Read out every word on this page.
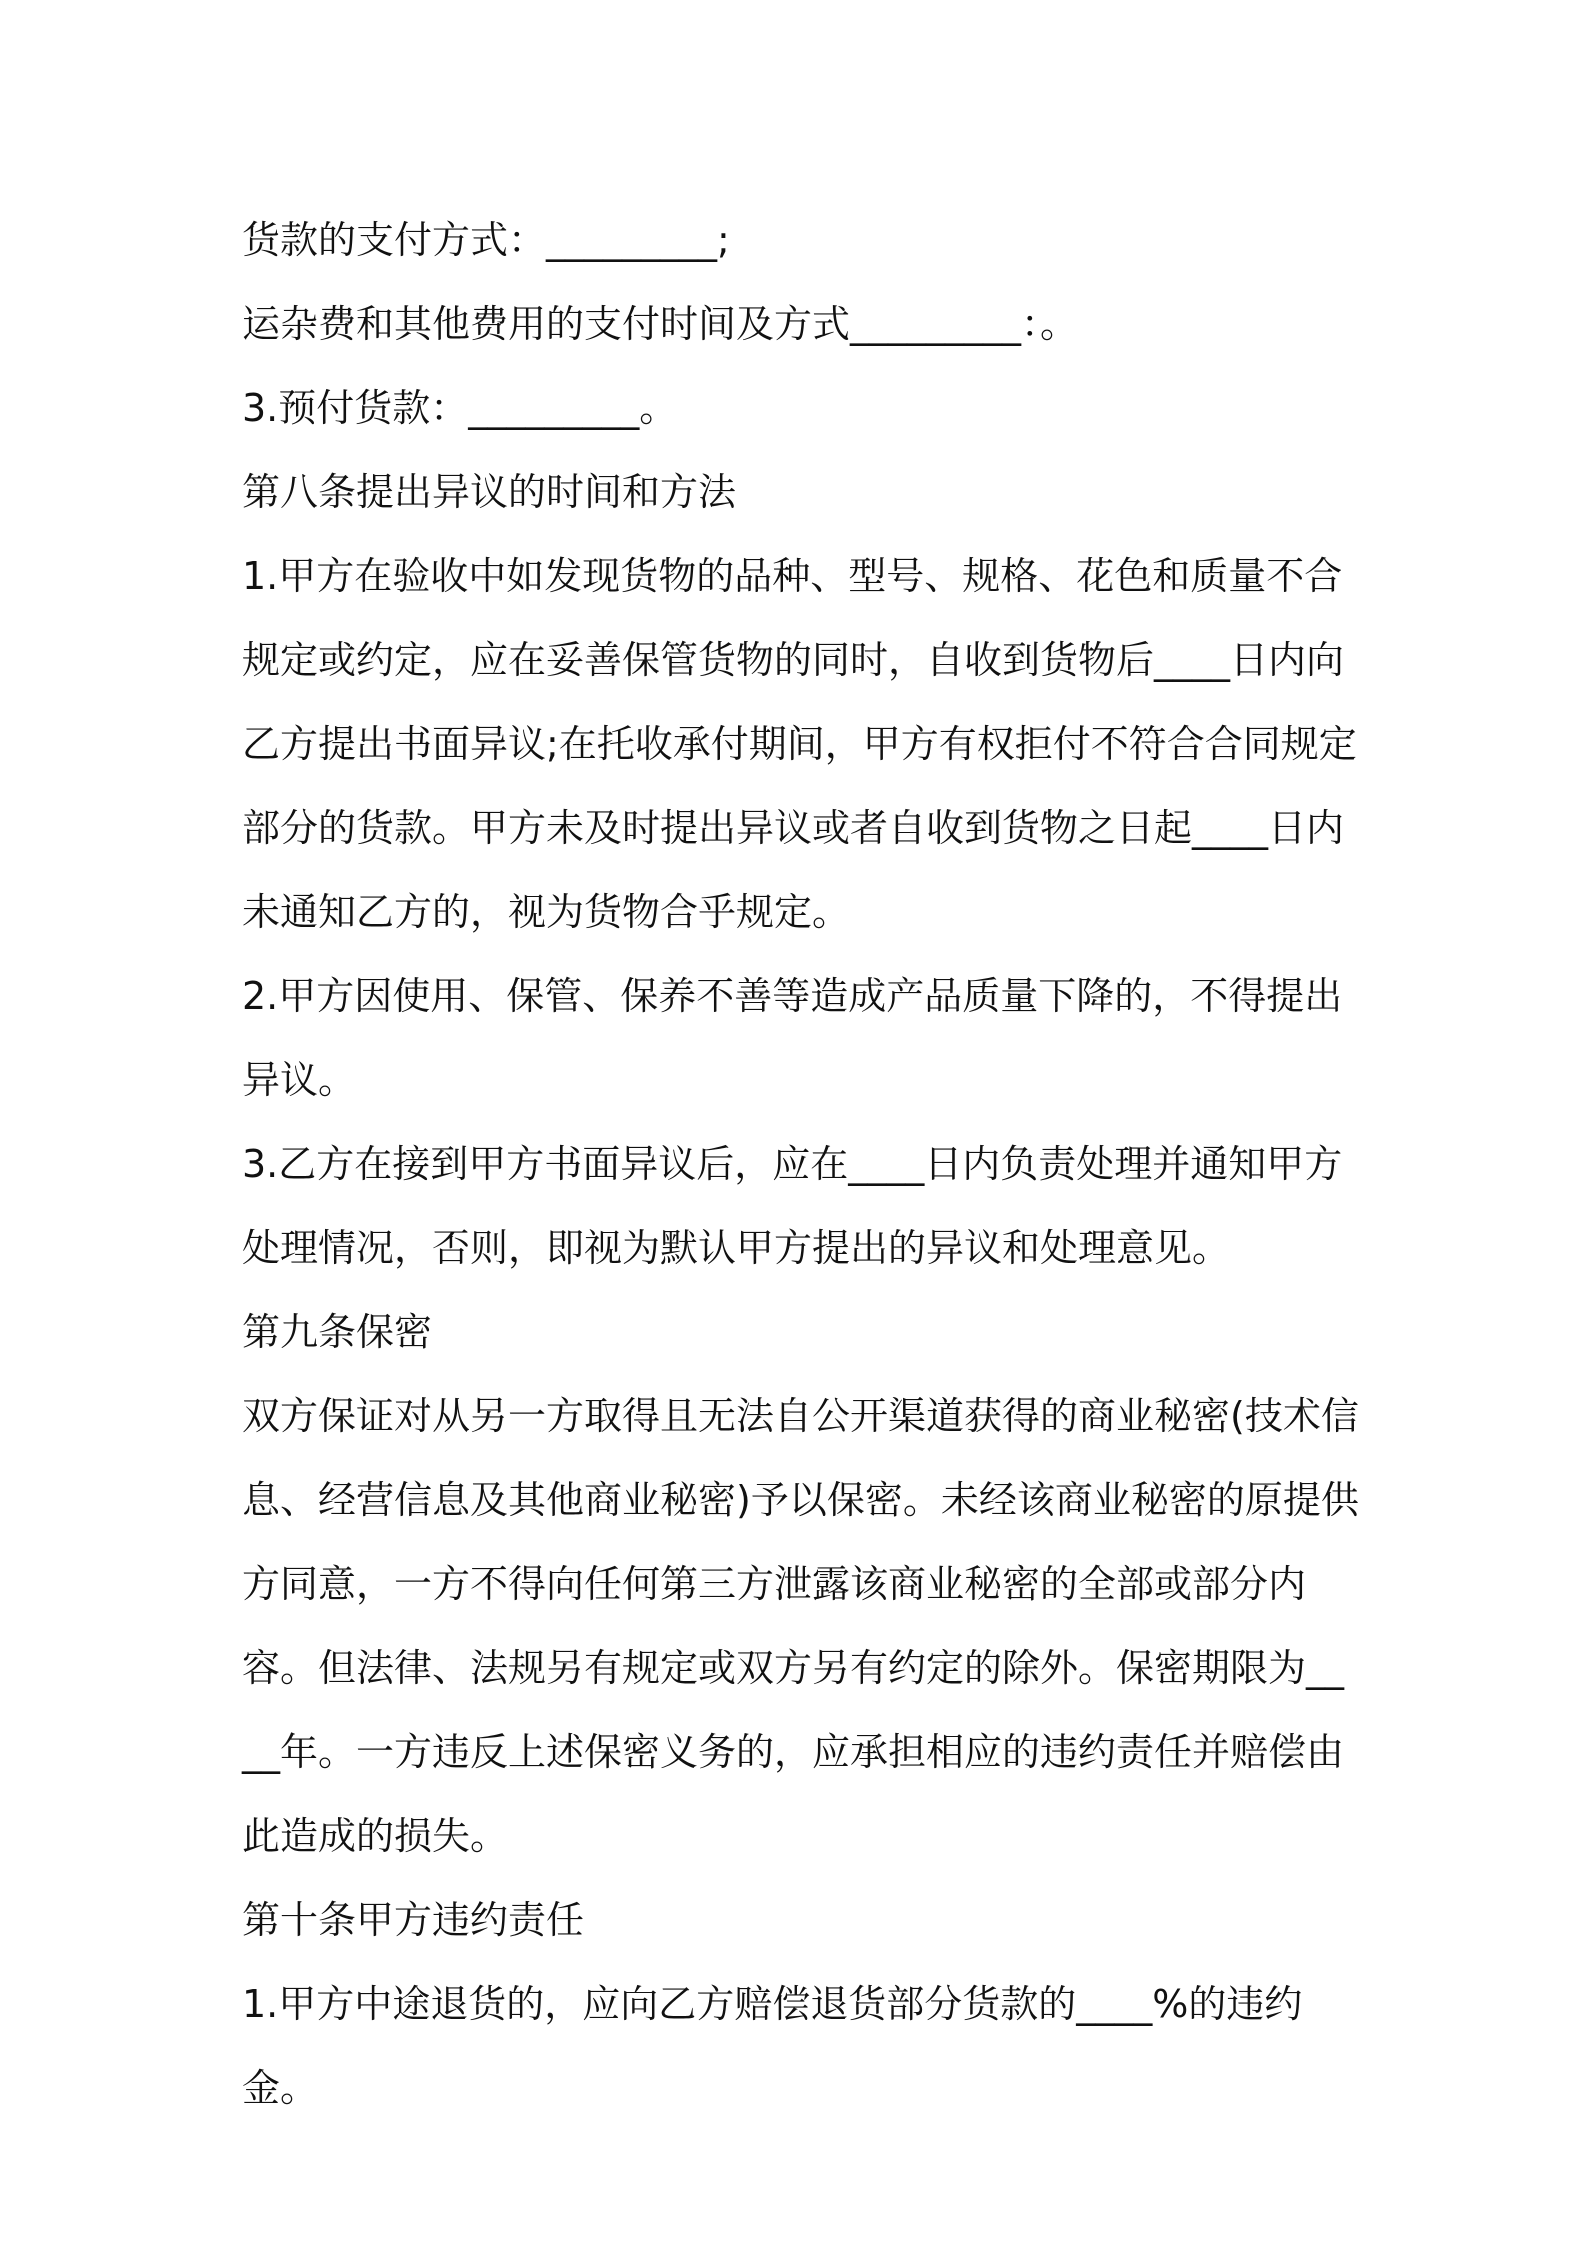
货款的支付方式：_________;

运杂费和其他费用的支付时间及方式_________：。

3.预付货款：_________。

第八条提出异议的时间和方法

1.甲方在验收中如发现货物的品种、型号、规格、花色和质量不合规定或约定，应在妥善保管货物的同时，自收到货物后____日内向乙方提出书面异议;在托收承付期间，甲方有权拒付不符合合同规定部分的货款。甲方未及时提出异议或者自收到货物之日起____日内未通知乙方的，视为货物合乎规定。

2.甲方因使用、保管、保养不善等造成产品质量下降的，不得提出异议。

3.乙方在接到甲方书面异议后，应在____日内负责处理并通知甲方处理情况，否则，即视为默认甲方提出的异议和处理意见。

第九条保密

双方保证对从另一方取得且无法自公开渠道获得的商业秘密(技术信息、经营信息及其他商业秘密)予以保密。未经该商业秘密的原提供方同意，一方不得向任何第三方泄露该商业秘密的全部或部分内容。但法律、法规另有规定或双方另有约定的除外。保密期限为____年。一方违反上述保密义务的，应承担相应的违约责任并赔偿由此造成的损失。

第十条甲方违约责任

1.甲方中途退货的，应向乙方赔偿退货部分货款的____%的违约金。
